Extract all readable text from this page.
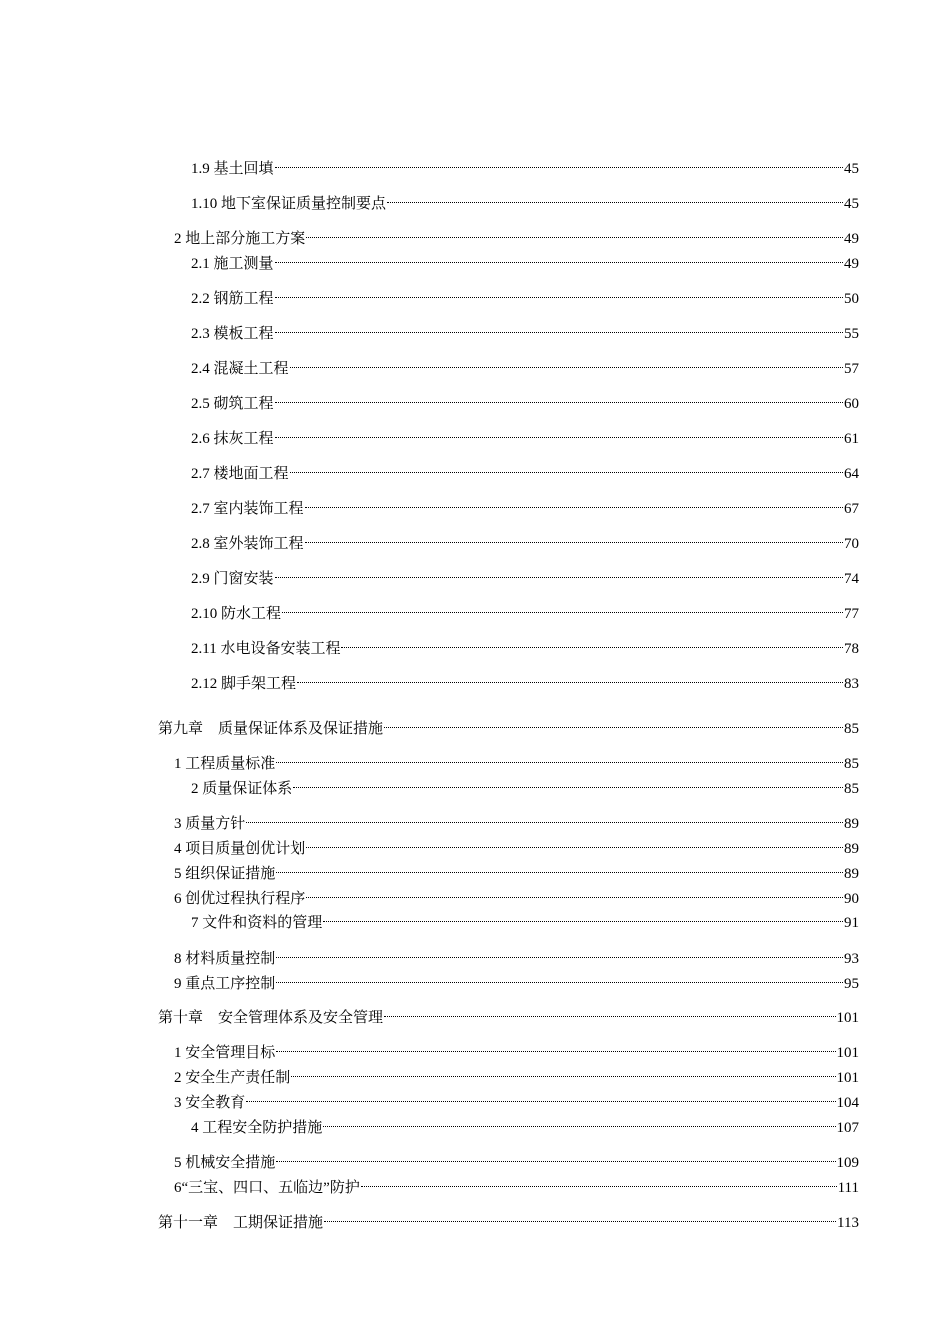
1.9 基土回填	45
1.10 地下室保证质量控制要点	45
2 地上部分施工方案	49
2.1 施工测量	49
2.2 钢筋工程	50
2.3 模板工程	55
2.4 混凝土工程	57
2.5 砌筑工程	60
2.6 抹灰工程	61
2.7 楼地面工程	64
2.7 室内装饰工程	67
2.8 室外装饰工程	70
2.9 门窗安装	74
2.10 防水工程	77
2.11 水电设备安装工程	78
2.12 脚手架工程	83
第九章　质量保证体系及保证措施	85
1 工程质量标准	85
2 质量保证体系	85
3 质量方针	89
4 项目质量创优计划	89
5 组织保证措施	89
6 创优过程执行程序	90
7 文件和资料的管理	91
8 材料质量控制	93
9 重点工序控制	95
第十章　安全管理体系及安全管理	101
1 安全管理目标	101
2 安全生产责任制	101
3 安全教育	104
4 工程安全防护措施	107
5 机械安全措施	109
6“三宝、四口、五临边”防护	111
第十一章　工期保证措施	113
